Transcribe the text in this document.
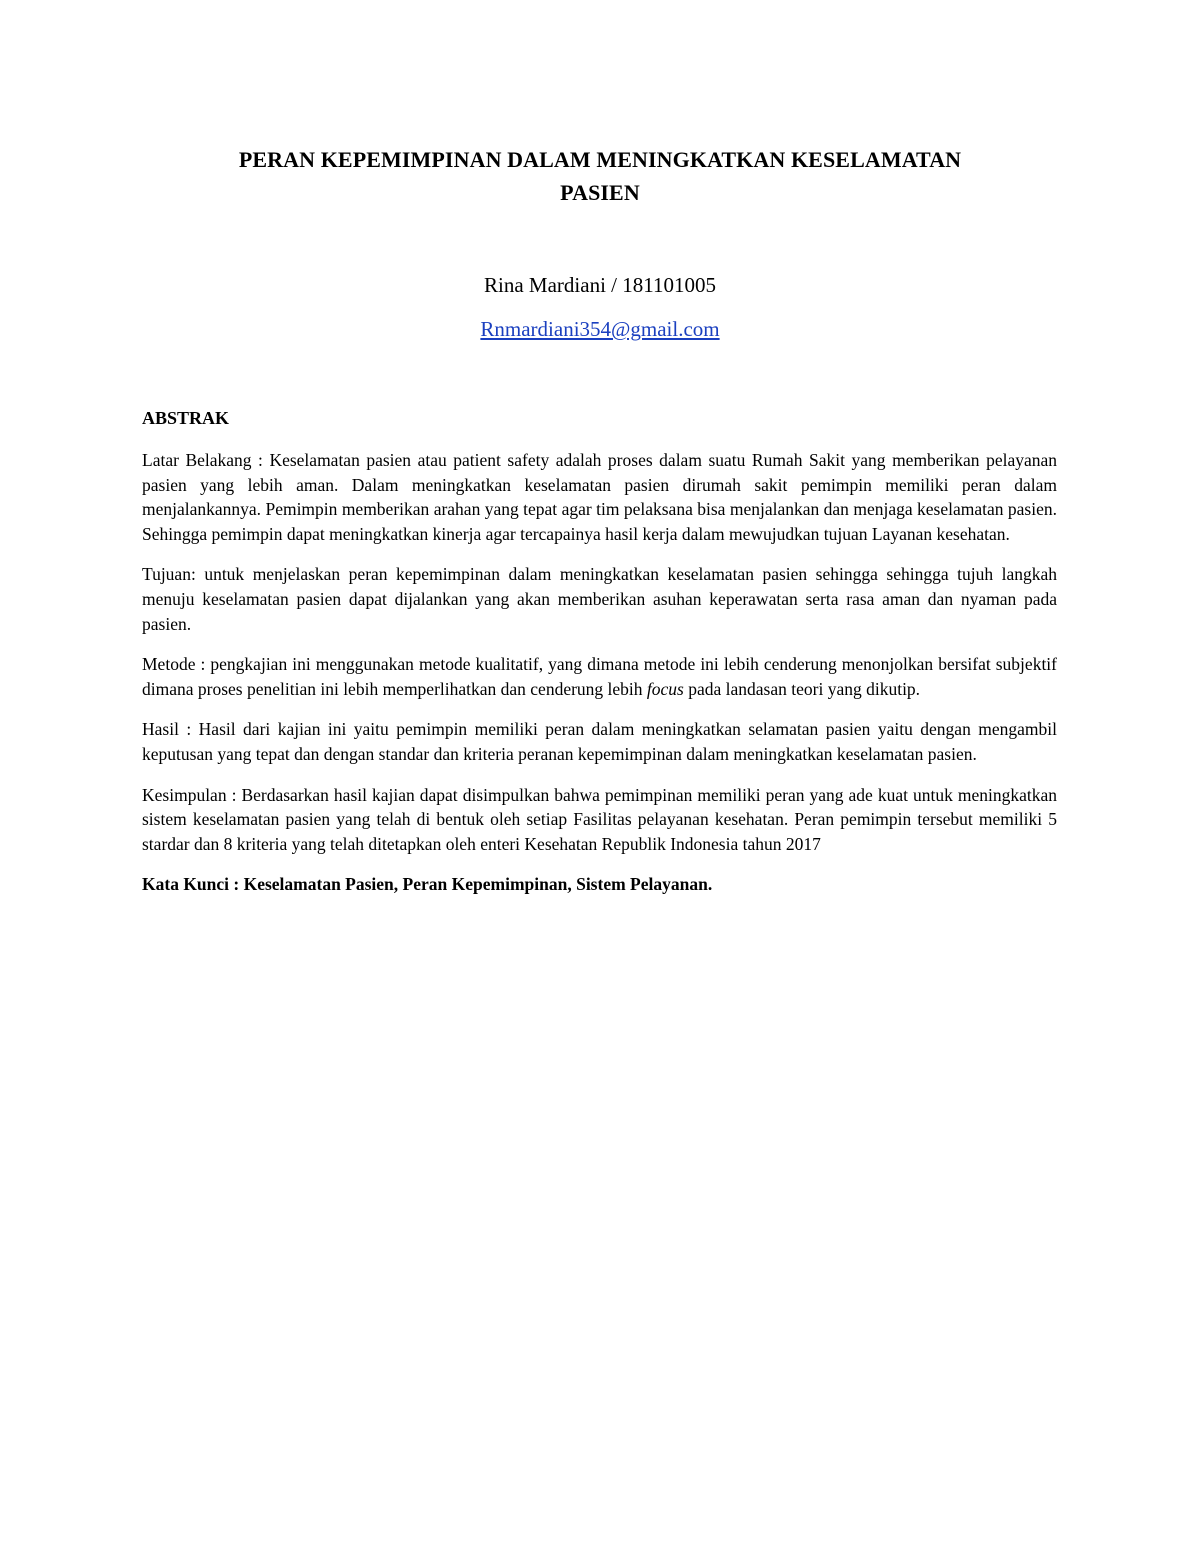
PERAN KEPEMIMPINAN DALAM MENINGKATKAN KESELAMATAN
PASIEN
Rina Mardiani / 181101005
Rnmardiani354@gmail.com
ABSTRAK

Latar Belakang : Keselamatan pasien atau patient safety adalah proses dalam suatu Rumah Sakit yang memberikan pelayanan pasien yang lebih aman. Dalam meningkatkan keselamatan pasien dirumah sakit pemimpin memiliki peran dalam menjalankannya. Pemimpin memberikan arahan yang tepat agar tim pelaksana bisa menjalankan dan menjaga keselamatan pasien. Sehingga pemimpin dapat meningkatkan kinerja agar tercapainya hasil kerja dalam mewujudkan tujuan Layanan kesehatan.

Tujuan: untuk menjelaskan peran kepemimpinan dalam meningkatkan keselamatan pasien sehingga sehingga tujuh langkah menuju keselamatan pasien dapat dijalankan yang akan memberikan asuhan keperawatan serta rasa aman dan nyaman pada pasien.

Metode : pengkajian ini menggunakan metode kualitatif, yang dimana metode ini lebih cenderung menonjolkan bersifat subjektif dimana proses penelitian ini lebih memperlihatkan dan cenderung lebih focus pada landasan teori yang dikutip.

Hasil : Hasil dari kajian ini yaitu pemimpin memiliki peran dalam meningkatkan selamatan pasien yaitu dengan mengambil keputusan yang tepat dan dengan standar dan kriteria peranan kepemimpinan dalam meningkatkan keselamatan pasien.

Kesimpulan : Berdasarkan hasil kajian dapat disimpulkan bahwa pemimpinan memiliki peran yang ade kuat untuk meningkatkan sistem keselamatan pasien yang telah di bentuk oleh setiap Fasilitas pelayanan kesehatan. Peran pemimpin tersebut memiliki 5 stardar dan 8 kriteria yang telah ditetapkan oleh enteri Kesehatan Republik Indonesia tahun 2017

Kata Kunci : Keselamatan Pasien, Peran Kepemimpinan, Sistem Pelayanan.
